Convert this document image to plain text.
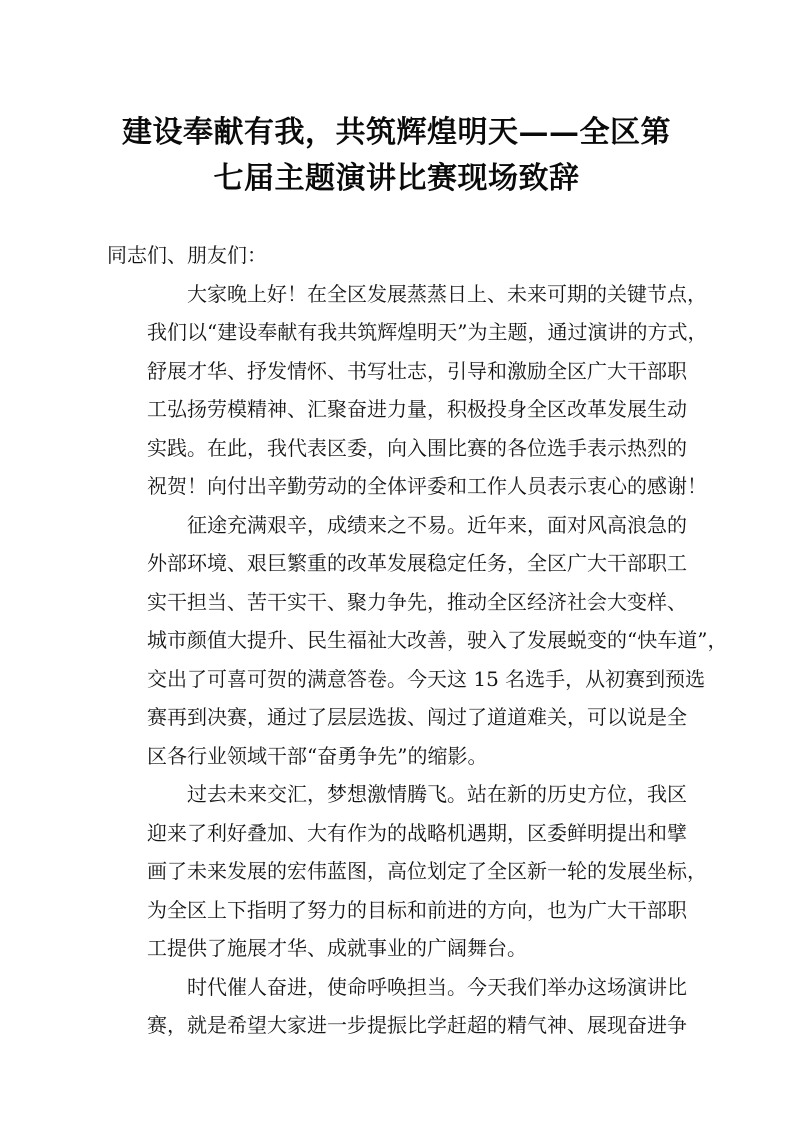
建设奉献有我，共筑辉煌明天——全区第
七届主题演讲比赛现场致辞

同志们、朋友们：

大家晚上好！在全区发展蒸蒸日上、未来可期的关键节点，
我们以“建设奉献有我共筑辉煌明天”为主题，通过演讲的方式，
舒展才华、抒发情怀、书写壮志，引导和激励全区广大干部职
工弘扬劳模精神、汇聚奋进力量，积极投身全区改革发展生动
实践。在此，我代表区委，向入围比赛的各位选手表示热烈的
祝贺！向付出辛勤劳动的全体评委和工作人员表示衷心的感谢！
征途充满艰辛，成绩来之不易。近年来，面对风高浪急的
外部环境、艰巨繁重的改革发展稳定任务，全区广大干部职工
实干担当、苦干实干、聚力争先，推动全区经济社会大变样、
城市颜值大提升、民生福祉大改善，驶入了发展蜕变的“快车道”，
交出了可喜可贺的满意答卷。今天这 15 名选手，从初赛到预选
赛再到决赛，通过了层层选拔、闯过了道道难关，可以说是全
区各行业领域干部“奋勇争先”的缩影。
过去未来交汇，梦想激情腾飞。站在新的历史方位，我区
迎来了利好叠加、大有作为的战略机遇期，区委鲜明提出和擘
画了未来发展的宏伟蓝图，高位划定了全区新一轮的发展坐标，
为全区上下指明了努力的目标和前进的方向，也为广大干部职
工提供了施展才华、成就事业的广阔舞台。
时代催人奋进，使命呼唤担当。今天我们举办这场演讲比
赛，就是希望大家进一步提振比学赶超的精气神、展现奋进争
